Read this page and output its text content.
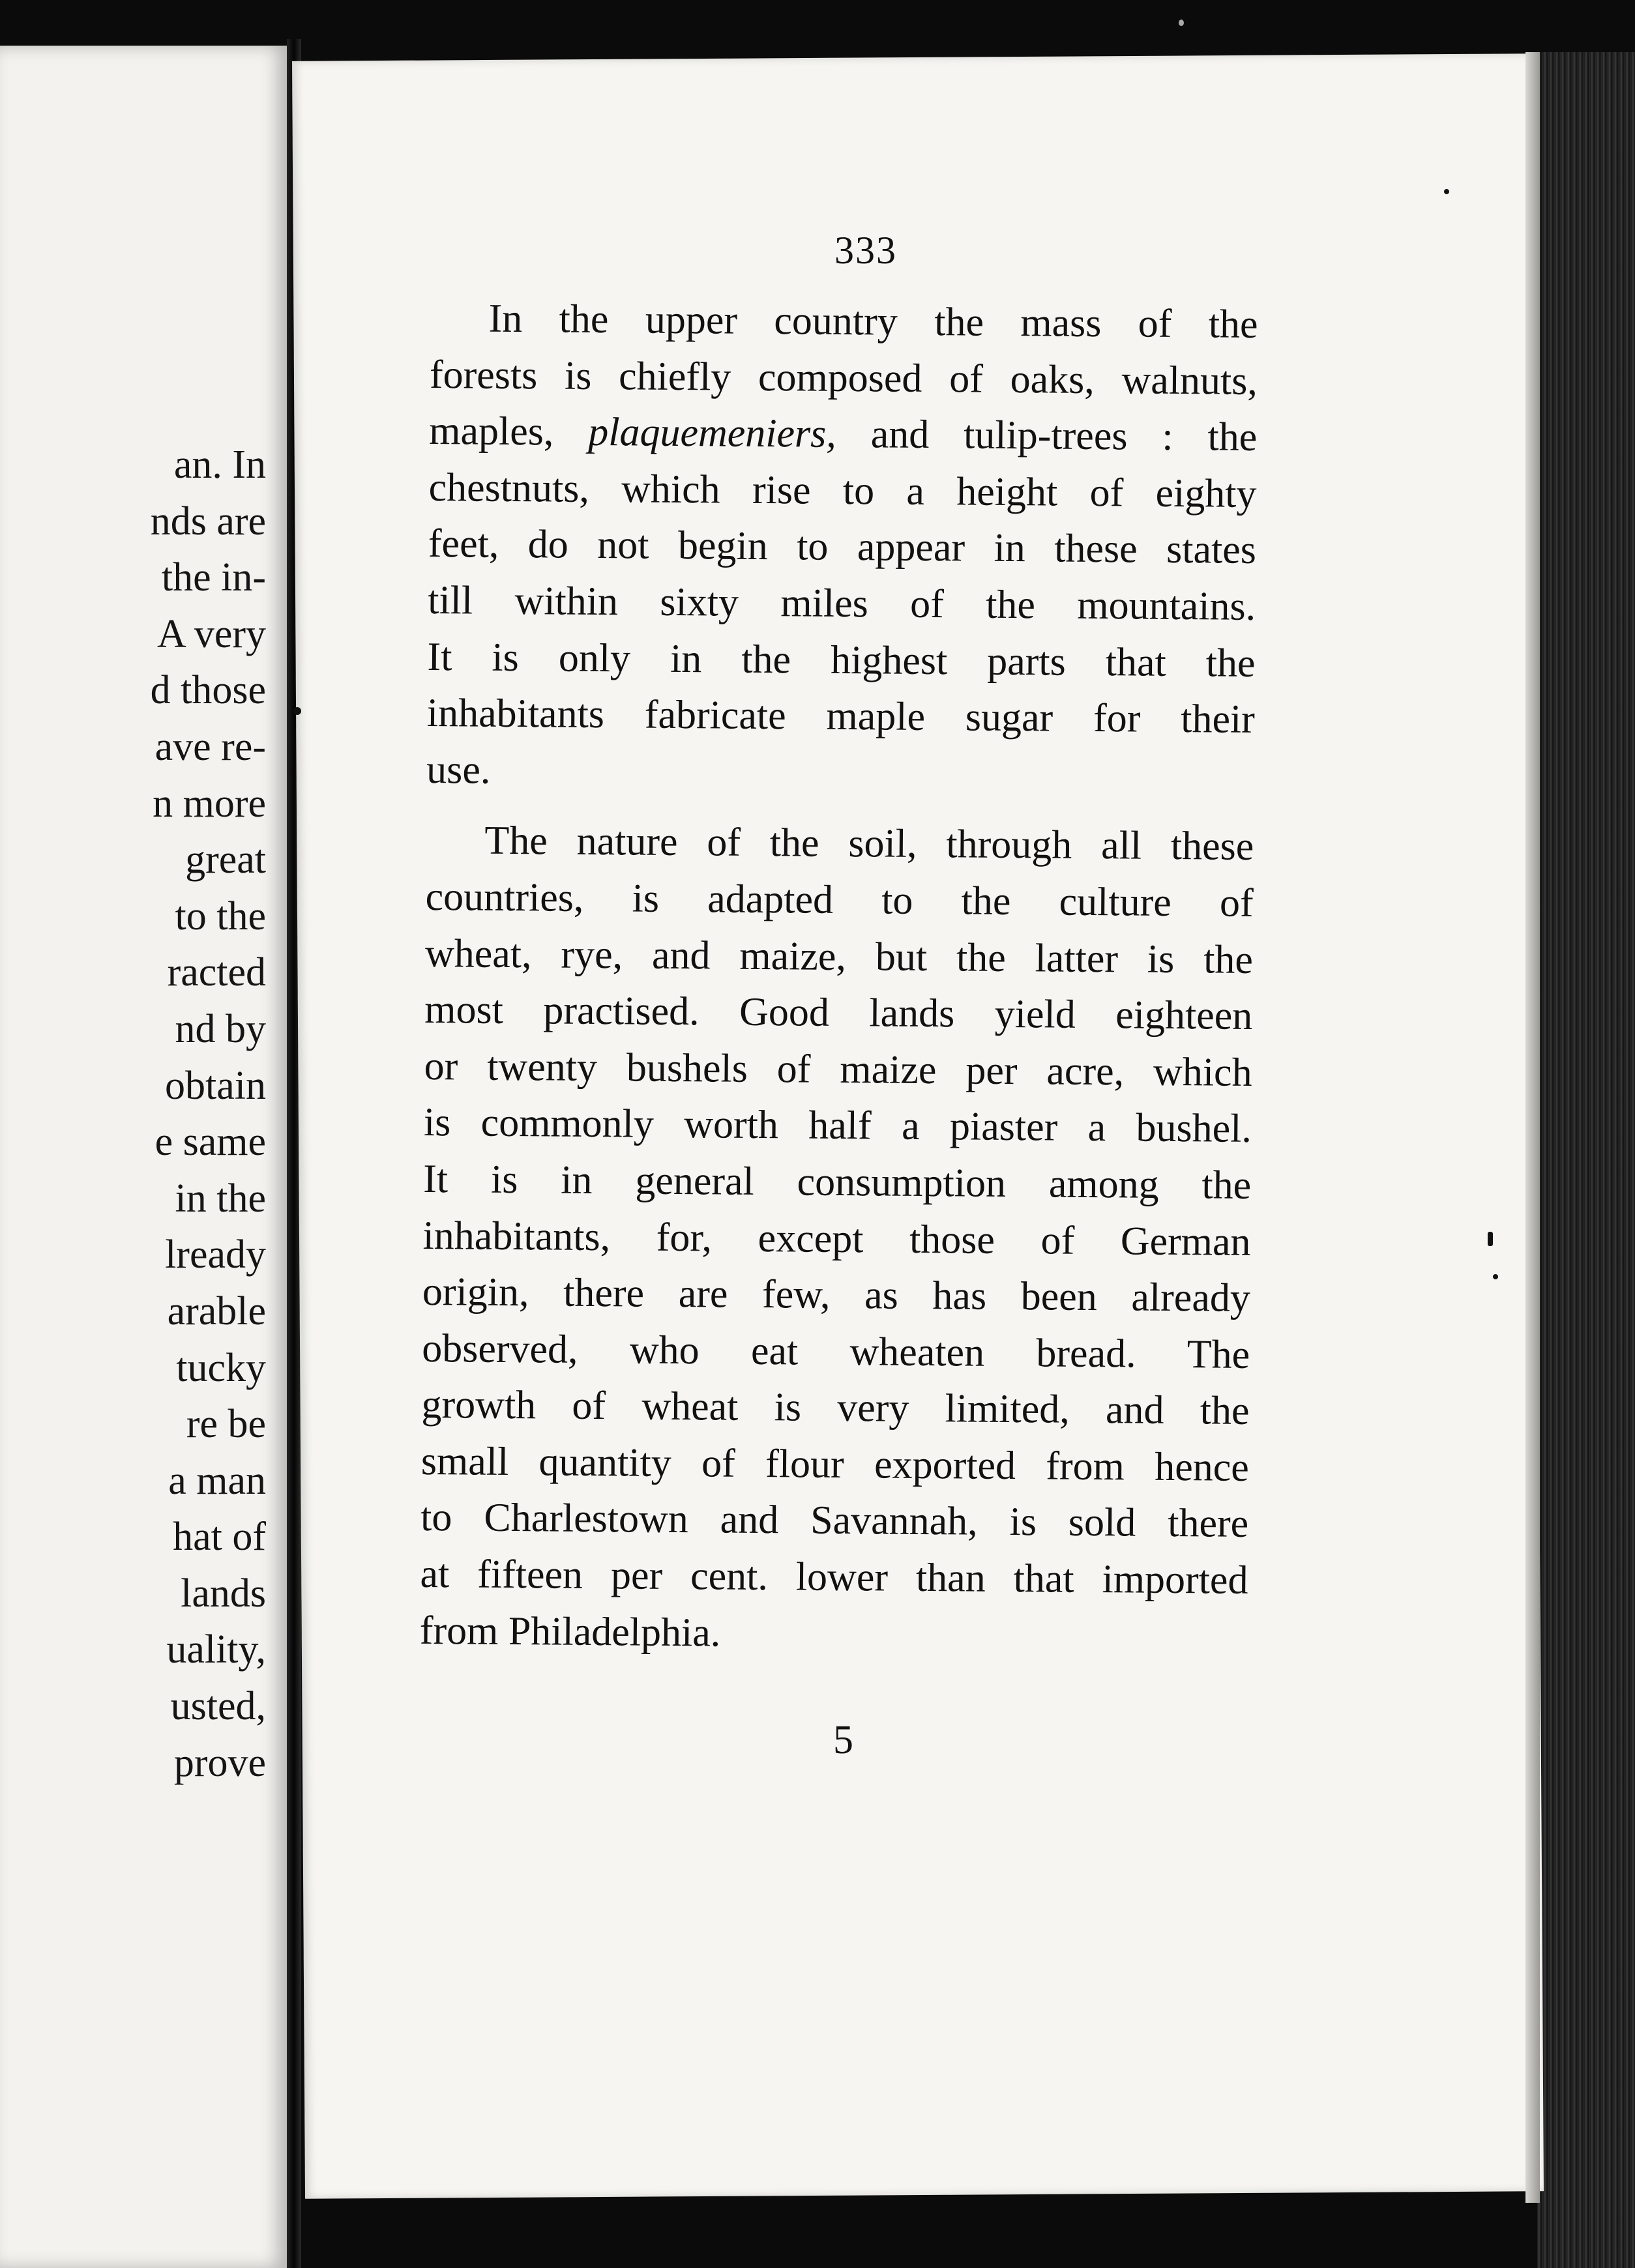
an. In
nds are
the in-
A very
d those
ave re-
n more
great
to the
racted
nd by
obtain
e same
in the
lready
arable
tucky
re be
a man
hat of
lands
uality,
usted,
prove
333
In the upper country the mass of the
forests is chiefly composed of oaks, walnuts,
maples, plaquemeniers, and tulip-trees : the
chestnuts, which rise to a height of eighty
feet, do not begin to appear in these states
till within sixty miles of the mountains.
It is only in the highest parts that the
inhabitants fabricate maple sugar for their
use.
The nature of the soil, through all these
countries, is adapted to the culture of
wheat, rye, and maize, but the latter is the
most practised. Good lands yield eighteen
or twenty bushels of maize per acre, which
is commonly worth half a piaster a bushel.
It is in general consumption among the
inhabitants, for, except those of German
origin, there are few, as has been already
observed, who eat wheaten bread. The
growth of wheat is very limited, and the
small quantity of flour exported from hence
to Charlestown and Savannah, is sold there
at fifteen per cent. lower than that imported
from Philadelphia.
5
